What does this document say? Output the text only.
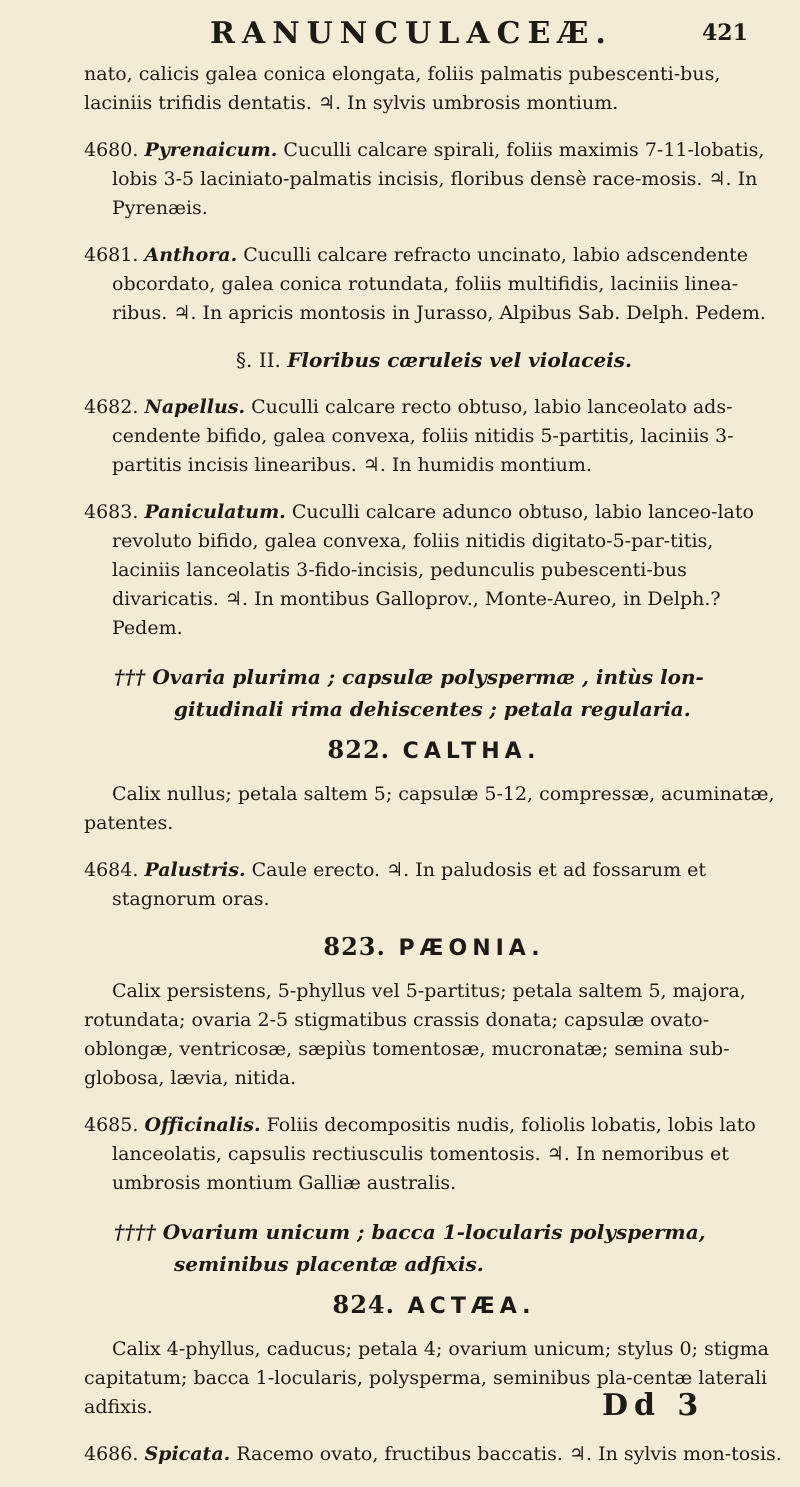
RANUNCULACEÆ.	421

nato, calicis galea conica elongata, foliis palmatis pubescenti-bus, laciniis trifidis dentatis. ♃. In sylvis umbrosis montium.

4680. Pyrenaicum. Cuculli calcare spirali, foliis maximis 7-11-lobatis, lobis 3-5 laciniato-palmatis incisis, floribus densè race-mosis. ♃. In Pyrenæis.

4681. Anthora. Cuculli calcare refracto uncinato, labio adscendente obcordato, galea conica rotundata, foliis multifidis, laciniis linea-ribus. ♃. In apricis montosis in Jurasso, Alpibus Sab. Delph. Pedem.

§. II. Floribus cæruleis vel violaceis.

4682. Napellus. Cuculli calcare recto obtuso, labio lanceolato ads-cendente bifido, galea convexa, foliis nitidis 5-partitis, laciniis 3-partitis incisis linearibus. ♃. In humidis montium.

4683. Paniculatum. Cuculli calcare adunco obtuso, labio lanceo-lato revoluto bifido, galea convexa, foliis nitidis digitato-5-par-titis, laciniis lanceolatis 3-fido-incisis, pedunculis pubescenti-bus divaricatis. ♃. In montibus Galloprov., Monte-Aureo, in Delph.? Pedem.

††† Ovaria plurima ; capsulæ polyspermæ , intùs lon-gitudinali rima dehiscentes ; petala regularia.

822. CALTHA.

Calix nullus; petala saltem 5; capsulæ 5-12, compressæ, acuminatæ, patentes.

4684. Palustris. Caule erecto. ♃. In paludosis et ad fossarum et stagnorum oras.

823. PÆONIA.

Calix persistens, 5-phyllus vel 5-partitus; petala saltem 5, majora, rotundata; ovaria 2-5 stigmatibus crassis donata; capsulæ ovato-oblongæ, ventricosæ, sæpiùs tomentosæ, mucronatæ; semina sub-globosa, lævia, nitida.

4685. Officinalis. Foliis decompositis nudis, foliolis lobatis, lobis lato lanceolatis, capsulis rectiusculis tomentosis. ♃. In nemoribus et umbrosis montium Galliæ australis.

†††† Ovarium unicum ; bacca 1-locularis polysperma, seminibus placentæ adfixis.

824. ACTÆA.

Calix 4-phyllus, caducus; petala 4; ovarium unicum; stylus 0; stigma capitatum; bacca 1-locularis, polysperma, seminibus pla-centæ laterali adfixis.

4686. Spicata. Racemo ovato, fructibus baccatis. ♃. In sylvis mon-tosis.

Dd 3
